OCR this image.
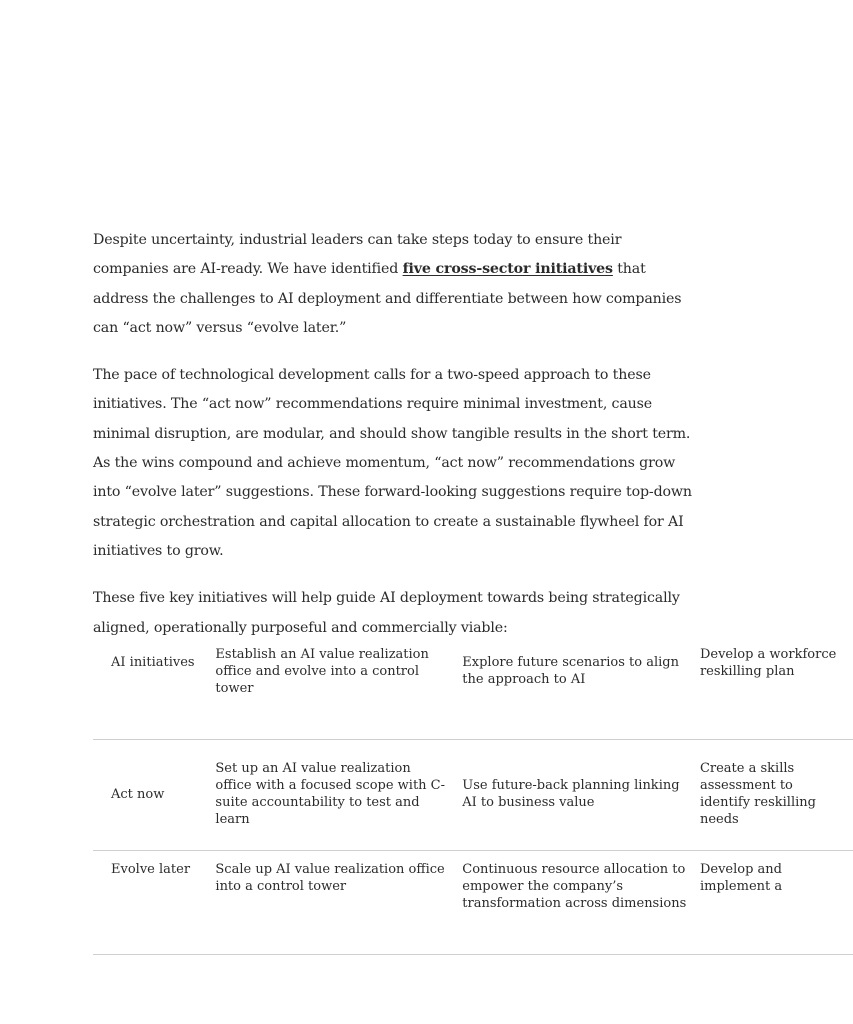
Despite uncertainty, industrial leaders can take steps today to ensure their companies are AI-ready. We have identified five cross-sector initiatives that address the challenges to AI deployment and differentiate between how companies can “act now” versus “evolve later.”

The pace of technological development calls for a two-speed approach to these initiatives. The “act now” recommendations require minimal investment, cause minimal disruption, are modular, and should show tangible results in the short term. As the wins compound and achieve momentum, “act now” recommendations grow into “evolve later” suggestions. These forward-looking suggestions require top-down strategic orchestration and capital allocation to create a sustainable flywheel for AI initiatives to grow.

These five key initiatives will help guide AI deployment towards being strategically aligned, operationally purposeful and commercially viable:

AI initiatives	Establish an AI value realization office and evolve into a control tower	Explore future scenarios to align the approach to AI	Develop a workforce reskilling plan

Act now	Set up an AI value realization office with a focused scope with C-suite accountability to test and learn	Use future-back planning linking AI to business value	Create a skills assessment to identify reskilling needs

Evolve later	Scale up AI value realization office into a control tower	Continuous resource allocation to empower the company’s transformation across dimensions	Develop and implement a
